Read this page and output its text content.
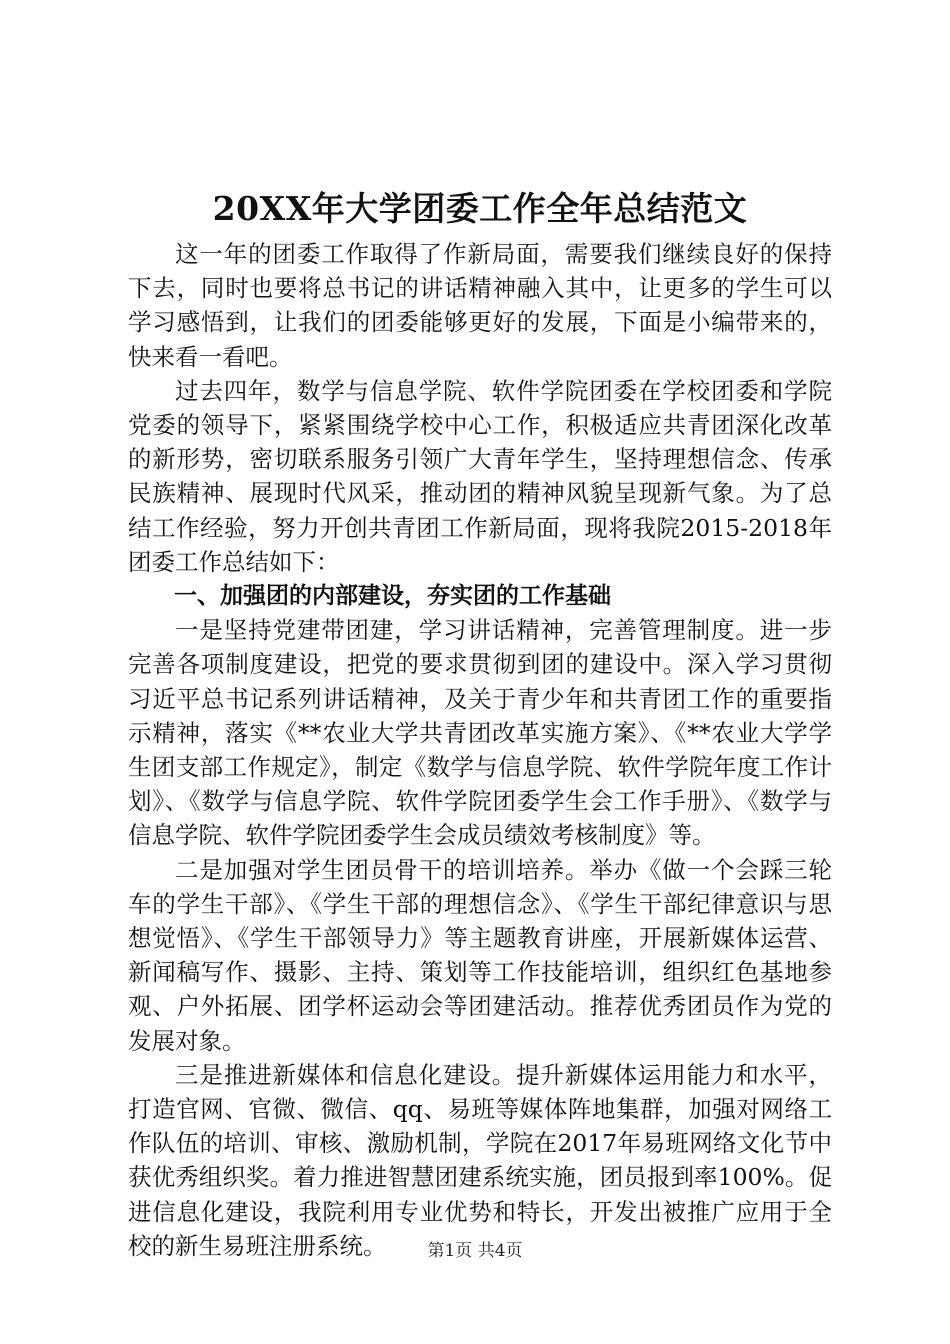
20XX年大学团委工作全年总结范文

这一年的团委工作取得了作新局面，需要我们继续良好的保持下去，同时也要将总书记的讲话精神融入其中，让更多的学生可以学习感悟到，让我们的团委能够更好的发展，下面是小编带来的，快来看一看吧。

过去四年，数学与信息学院、软件学院团委在学校团委和学院党委的领导下，紧紧围绕学校中心工作，积极适应共青团深化改革的新形势，密切联系服务引领广大青年学生，坚持理想信念、传承民族精神、展现时代风采，推动团的精神风貌呈现新气象。为了总结工作经验，努力开创共青团工作新局面，现将我院2015-2018年团委工作总结如下：

一、加强团的内部建设，夯实团的工作基础

一是坚持党建带团建，学习讲话精神，完善管理制度。进一步完善各项制度建设，把党的要求贯彻到团的建设中。深入学习贯彻习近平总书记系列讲话精神，及关于青少年和共青团工作的重要指示精神，落实《**农业大学共青团改革实施方案》、《**农业大学学生团支部工作规定》，制定《数学与信息学院、软件学院年度工作计划》、《数学与信息学院、软件学院团委学生会工作手册》、《数学与信息学院、软件学院团委学生会成员绩效考核制度》等。

二是加强对学生团员骨干的培训培养。举办《做一个会踩三轮车的学生干部》、《学生干部的理想信念》、《学生干部纪律意识与思想觉悟》、《学生干部领导力》等主题教育讲座，开展新媒体运营、新闻稿写作、摄影、主持、策划等工作技能培训，组织红色基地参观、户外拓展、团学杯运动会等团建活动。推荐优秀团员作为党的发展对象。

三是推进新媒体和信息化建设。提升新媒体运用能力和水平，打造官网、官微、微信、qq、易班等媒体阵地集群，加强对网络工作队伍的培训、审核、激励机制，学院在2017年易班网络文化节中获优秀组织奖。着力推进智慧团建系统实施，团员报到率100%。促进信息化建设，我院利用专业优势和特长，开发出被推广应用于全校的新生易班注册系统。	第1页 共4页
